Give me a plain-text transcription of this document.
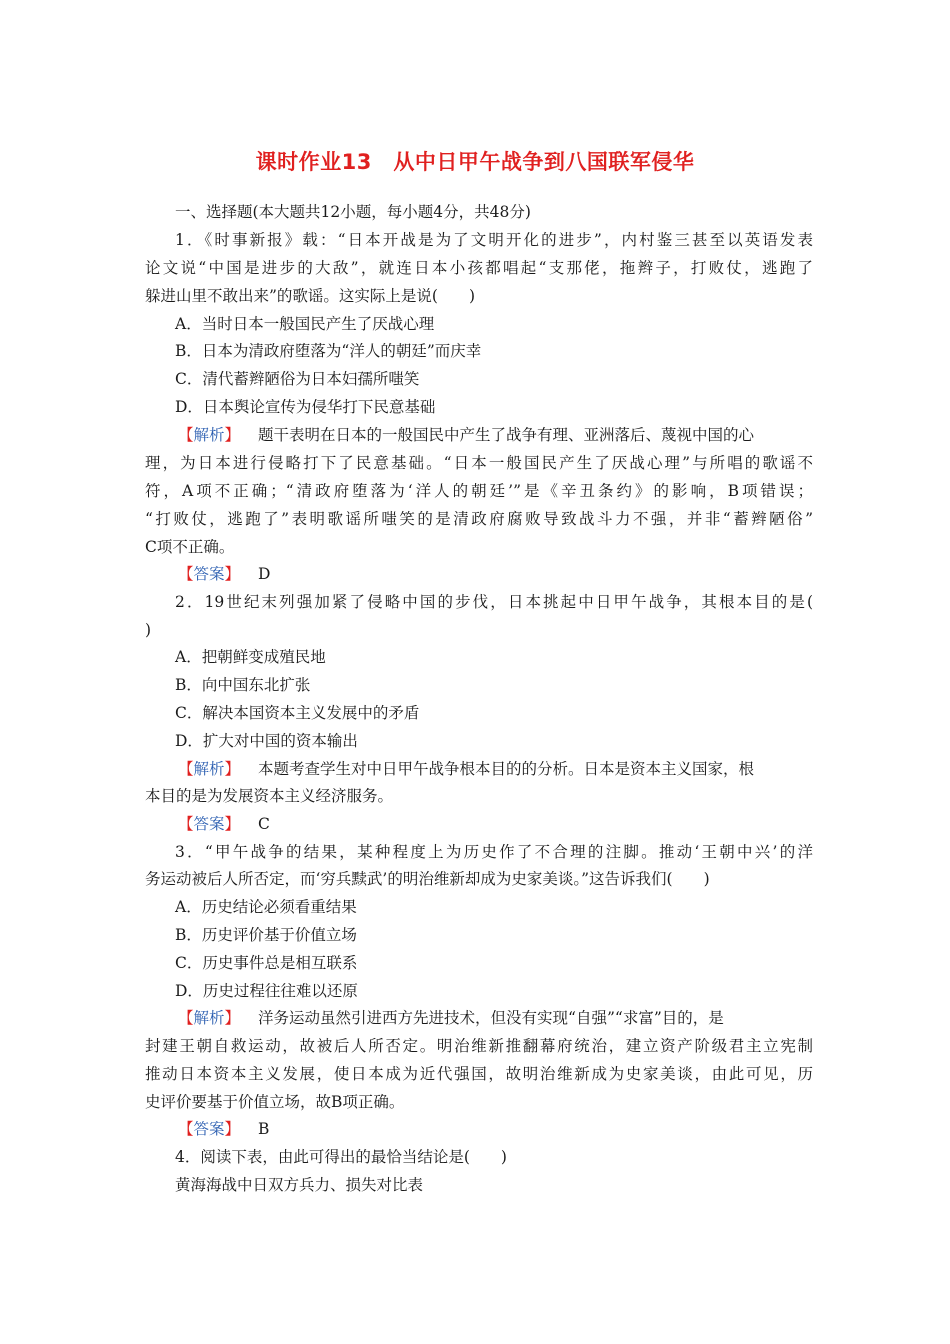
课时作业13　从中日甲午战争到八国联军侵华
一、选择题(本大题共12小题，每小题4分，共48分)
1．《时事新报》载：“日本开战是为了文明开化的进步”，内村鉴三甚至以英语发表
论文说“中国是进步的大敌”，就连日本小孩都唱起“支那佬，拖辫子，打败仗，逃跑了
躲进山里不敢出来”的歌谣。这实际上是说(　　)
A．当时日本一般国民产生了厌战心理
B．日本为清政府堕落为“洋人的朝廷”而庆幸
C．清代蓄辫陋俗为日本妇孺所嗤笑
D．日本舆论宣传为侵华打下民意基础
【解析】 题干表明在日本的一般国民中产生了战争有理、亚洲落后、蔑视中国的心
理，为日本进行侵略打下了民意基础。“日本一般国民产生了厌战心理”与所唱的歌谣不
符，A项不正确；“清政府堕落为‘洋人的朝廷’”是《辛丑条约》的影响，B项错误；
“打败仗，逃跑了”表明歌谣所嗤笑的是清政府腐败导致战斗力不强，并非“蓄辫陋俗”
C项不正确。
【答案】 D
2．19世纪末列强加紧了侵略中国的步伐，日本挑起中日甲午战争，其根本目的是(
)
A．把朝鲜变成殖民地
B．向中国东北扩张
C．解决本国资本主义发展中的矛盾
D．扩大对中国的资本输出
【解析】 本题考查学生对中日甲午战争根本目的的分析。日本是资本主义国家，根
本目的是为发展资本主义经济服务。
【答案】 C
3．“甲午战争的结果，某种程度上为历史作了不合理的注脚。推动‘王朝中兴’的洋
务运动被后人所否定，而‘穷兵黩武’的明治维新却成为史家美谈。”这告诉我们(　　)
A．历史结论必须看重结果
B．历史评价基于价值立场
C．历史事件总是相互联系
D．历史过程往往难以还原
【解析】 洋务运动虽然引进西方先进技术，但没有实现“自强”“求富”目的，是
封建王朝自救运动，故被后人所否定。明治维新推翻幕府统治，建立资产阶级君主立宪制
推动日本资本主义发展，使日本成为近代强国，故明治维新成为史家美谈，由此可见，历
史评价要基于价值立场，故B项正确。
【答案】 B
4．阅读下表，由此可得出的最恰当结论是(　　)
黄海海战中日双方兵力、损失对比表
